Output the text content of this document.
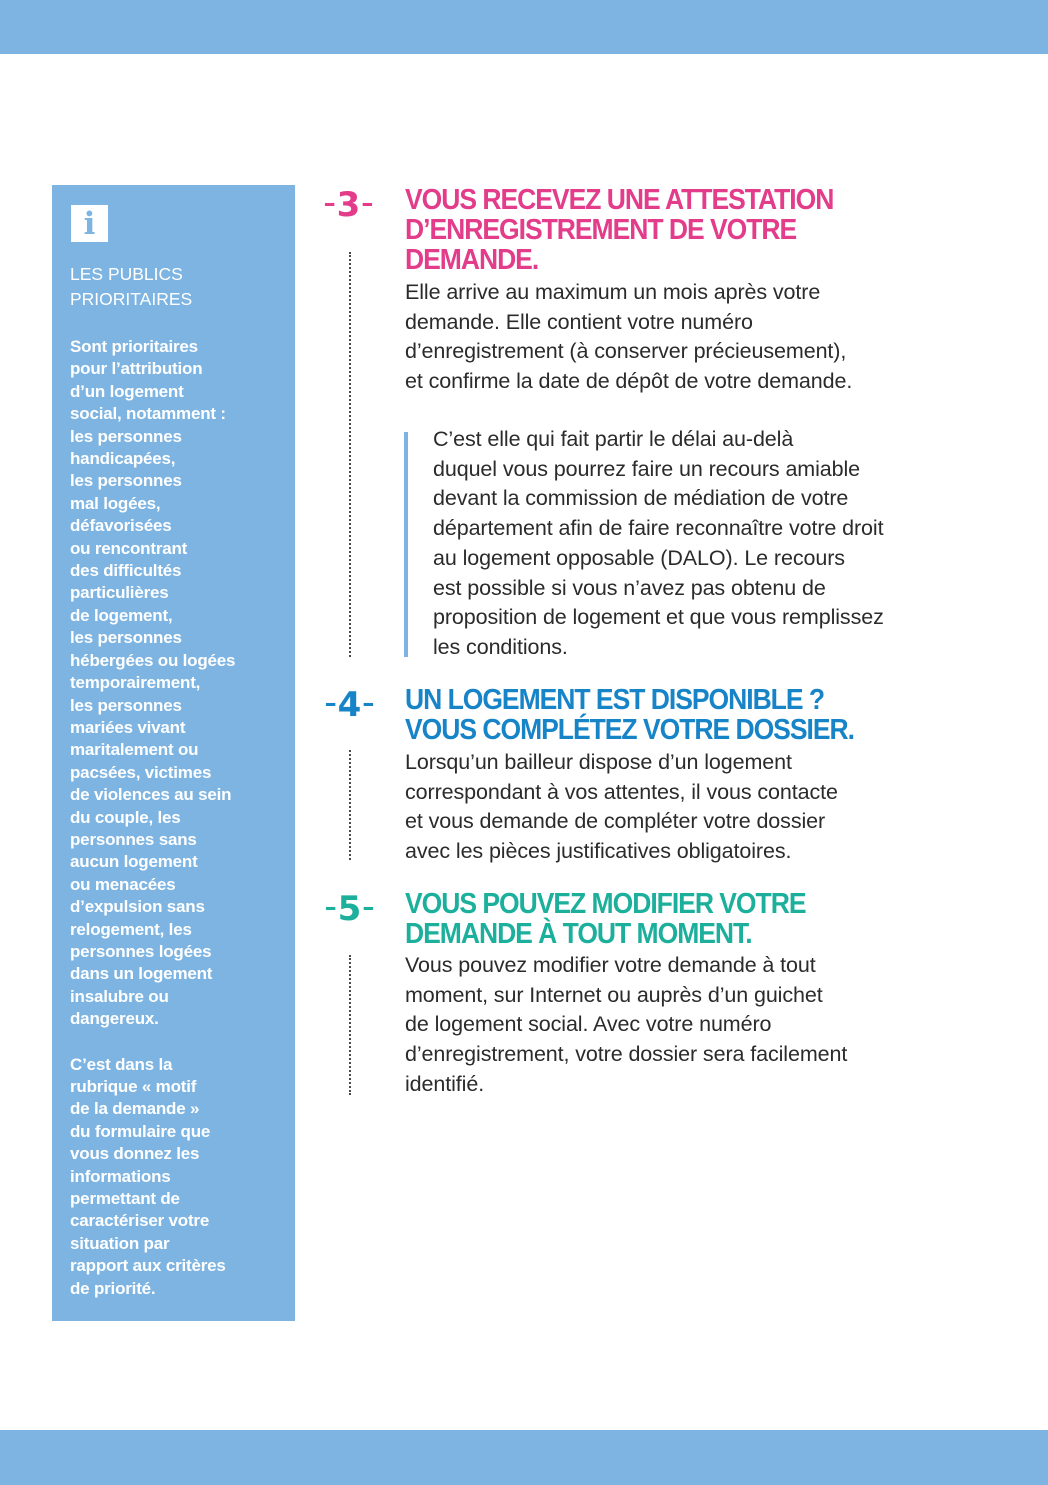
i
LES PUBLICS
PRIORITAIRES
Sont prioritaires
pour l’attribution
d’un logement
social, notamment :
les personnes
handicapées,
les personnes
mal logées,
défavorisées
ou rencontrant
des difficultés
particulières
de logement,
les personnes
hébergées ou logées
temporairement,
les personnes
mariées vivant
maritalement ou
pacsées, victimes
de violences au sein
du couple, les
personnes sans
aucun logement
ou menacées
d’expulsion sans
relogement, les
personnes logées
dans un logement
insalubre ou
dangereux.
C’est dans la
rubrique « motif
de la demande »
du formulaire que
vous donnez les
informations
permettant de
caractériser votre
situation par
rapport aux critères
de priorité.
–3–	VOUS RECEVEZ UNE ATTESTATION
D’ENREGISTREMENT DE VOTRE
DEMANDE.
Elle arrive au maximum un mois après votre
demande. Elle contient votre numéro
d’enregistrement (à conserver précieusement),
et confirme la date de dépôt de votre demande.
C’est elle qui fait partir le délai au-delà
duquel vous pourrez faire un recours amiable
devant la commission de médiation de votre
département afin de faire reconnaître votre droit
au logement opposable (DALO). Le recours
est possible si vous n’avez pas obtenu de
proposition de logement et que vous remplissez
les conditions.
–4–	UN LOGEMENT EST DISPONIBLE ?
VOUS COMPLÉTEZ VOTRE DOSSIER.
Lorsqu’un bailleur dispose d’un logement
correspondant à vos attentes, il vous contacte
et vous demande de compléter votre dossier
avec les pièces justificatives obligatoires.
–5–	VOUS POUVEZ MODIFIER VOTRE
DEMANDE À TOUT MOMENT.
Vous pouvez modifier votre demande à tout
moment, sur Internet ou auprès d’un guichet
de logement social. Avec votre numéro
d’enregistrement, votre dossier sera facilement
identifié.
